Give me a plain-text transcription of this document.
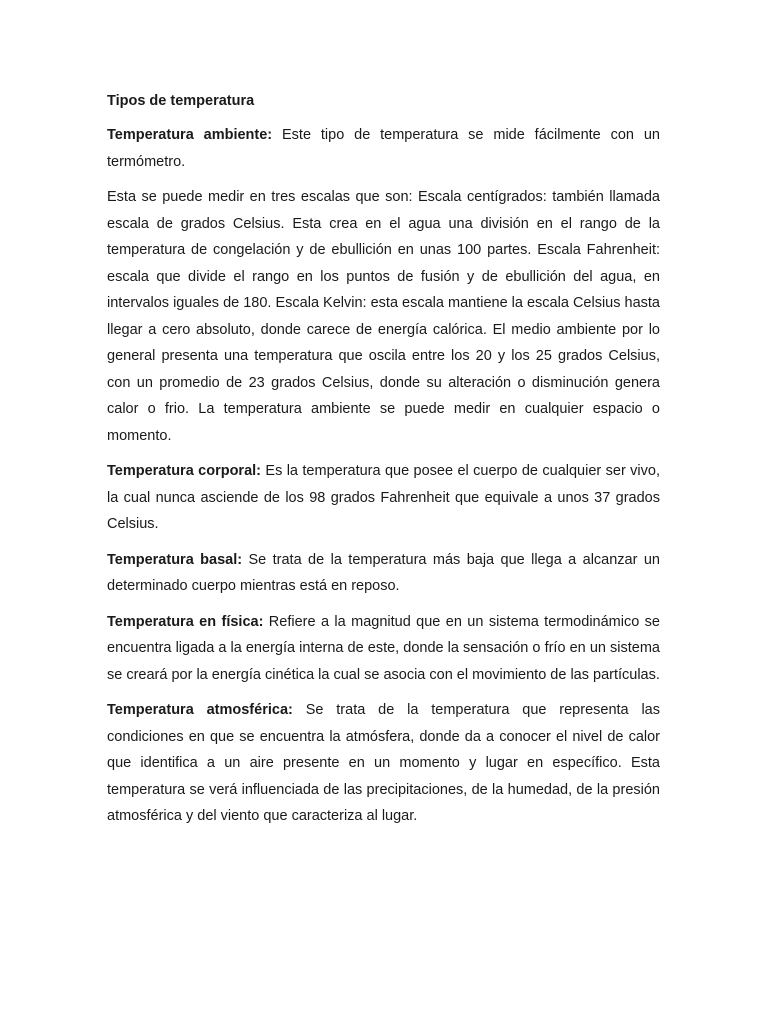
Tipos de temperatura

Temperatura ambiente: Este tipo de temperatura se mide fácilmente con un termómetro.

Esta se puede medir en tres escalas que son: Escala centígrados: también llamada escala de grados Celsius. Esta crea en el agua una división en el rango de la temperatura de congelación y de ebullición en unas 100 partes. Escala Fahrenheit: escala que divide el rango en los puntos de fusión y de ebullición del agua, en intervalos iguales de 180. Escala Kelvin: esta escala mantiene la escala Celsius hasta llegar a cero absoluto, donde carece de energía calórica. El medio ambiente por lo general presenta una temperatura que oscila entre los 20 y los 25 grados Celsius, con un promedio de 23 grados Celsius, donde su alteración o disminución genera calor o frio. La temperatura ambiente se puede medir en cualquier espacio o momento.

Temperatura corporal: Es la temperatura que posee el cuerpo de cualquier ser vivo, la cual nunca asciende de los 98 grados Fahrenheit que equivale a unos 37 grados Celsius.

Temperatura basal: Se trata de la temperatura más baja que llega a alcanzar un determinado cuerpo mientras está en reposo.

Temperatura en física: Refiere a la magnitud que en un sistema termodinámico se encuentra ligada a la energía interna de este, donde la sensación o frío en un sistema se creará por la energía cinética la cual se asocia con el movimiento de las partículas.

Temperatura atmosférica: Se trata de la temperatura que representa las condiciones en que se encuentra la atmósfera, donde da a conocer el nivel de calor que identifica a un aire presente en un momento y lugar en específico. Esta temperatura se verá influenciada de las precipitaciones, de la humedad, de la presión atmosférica y del viento que caracteriza al lugar.
